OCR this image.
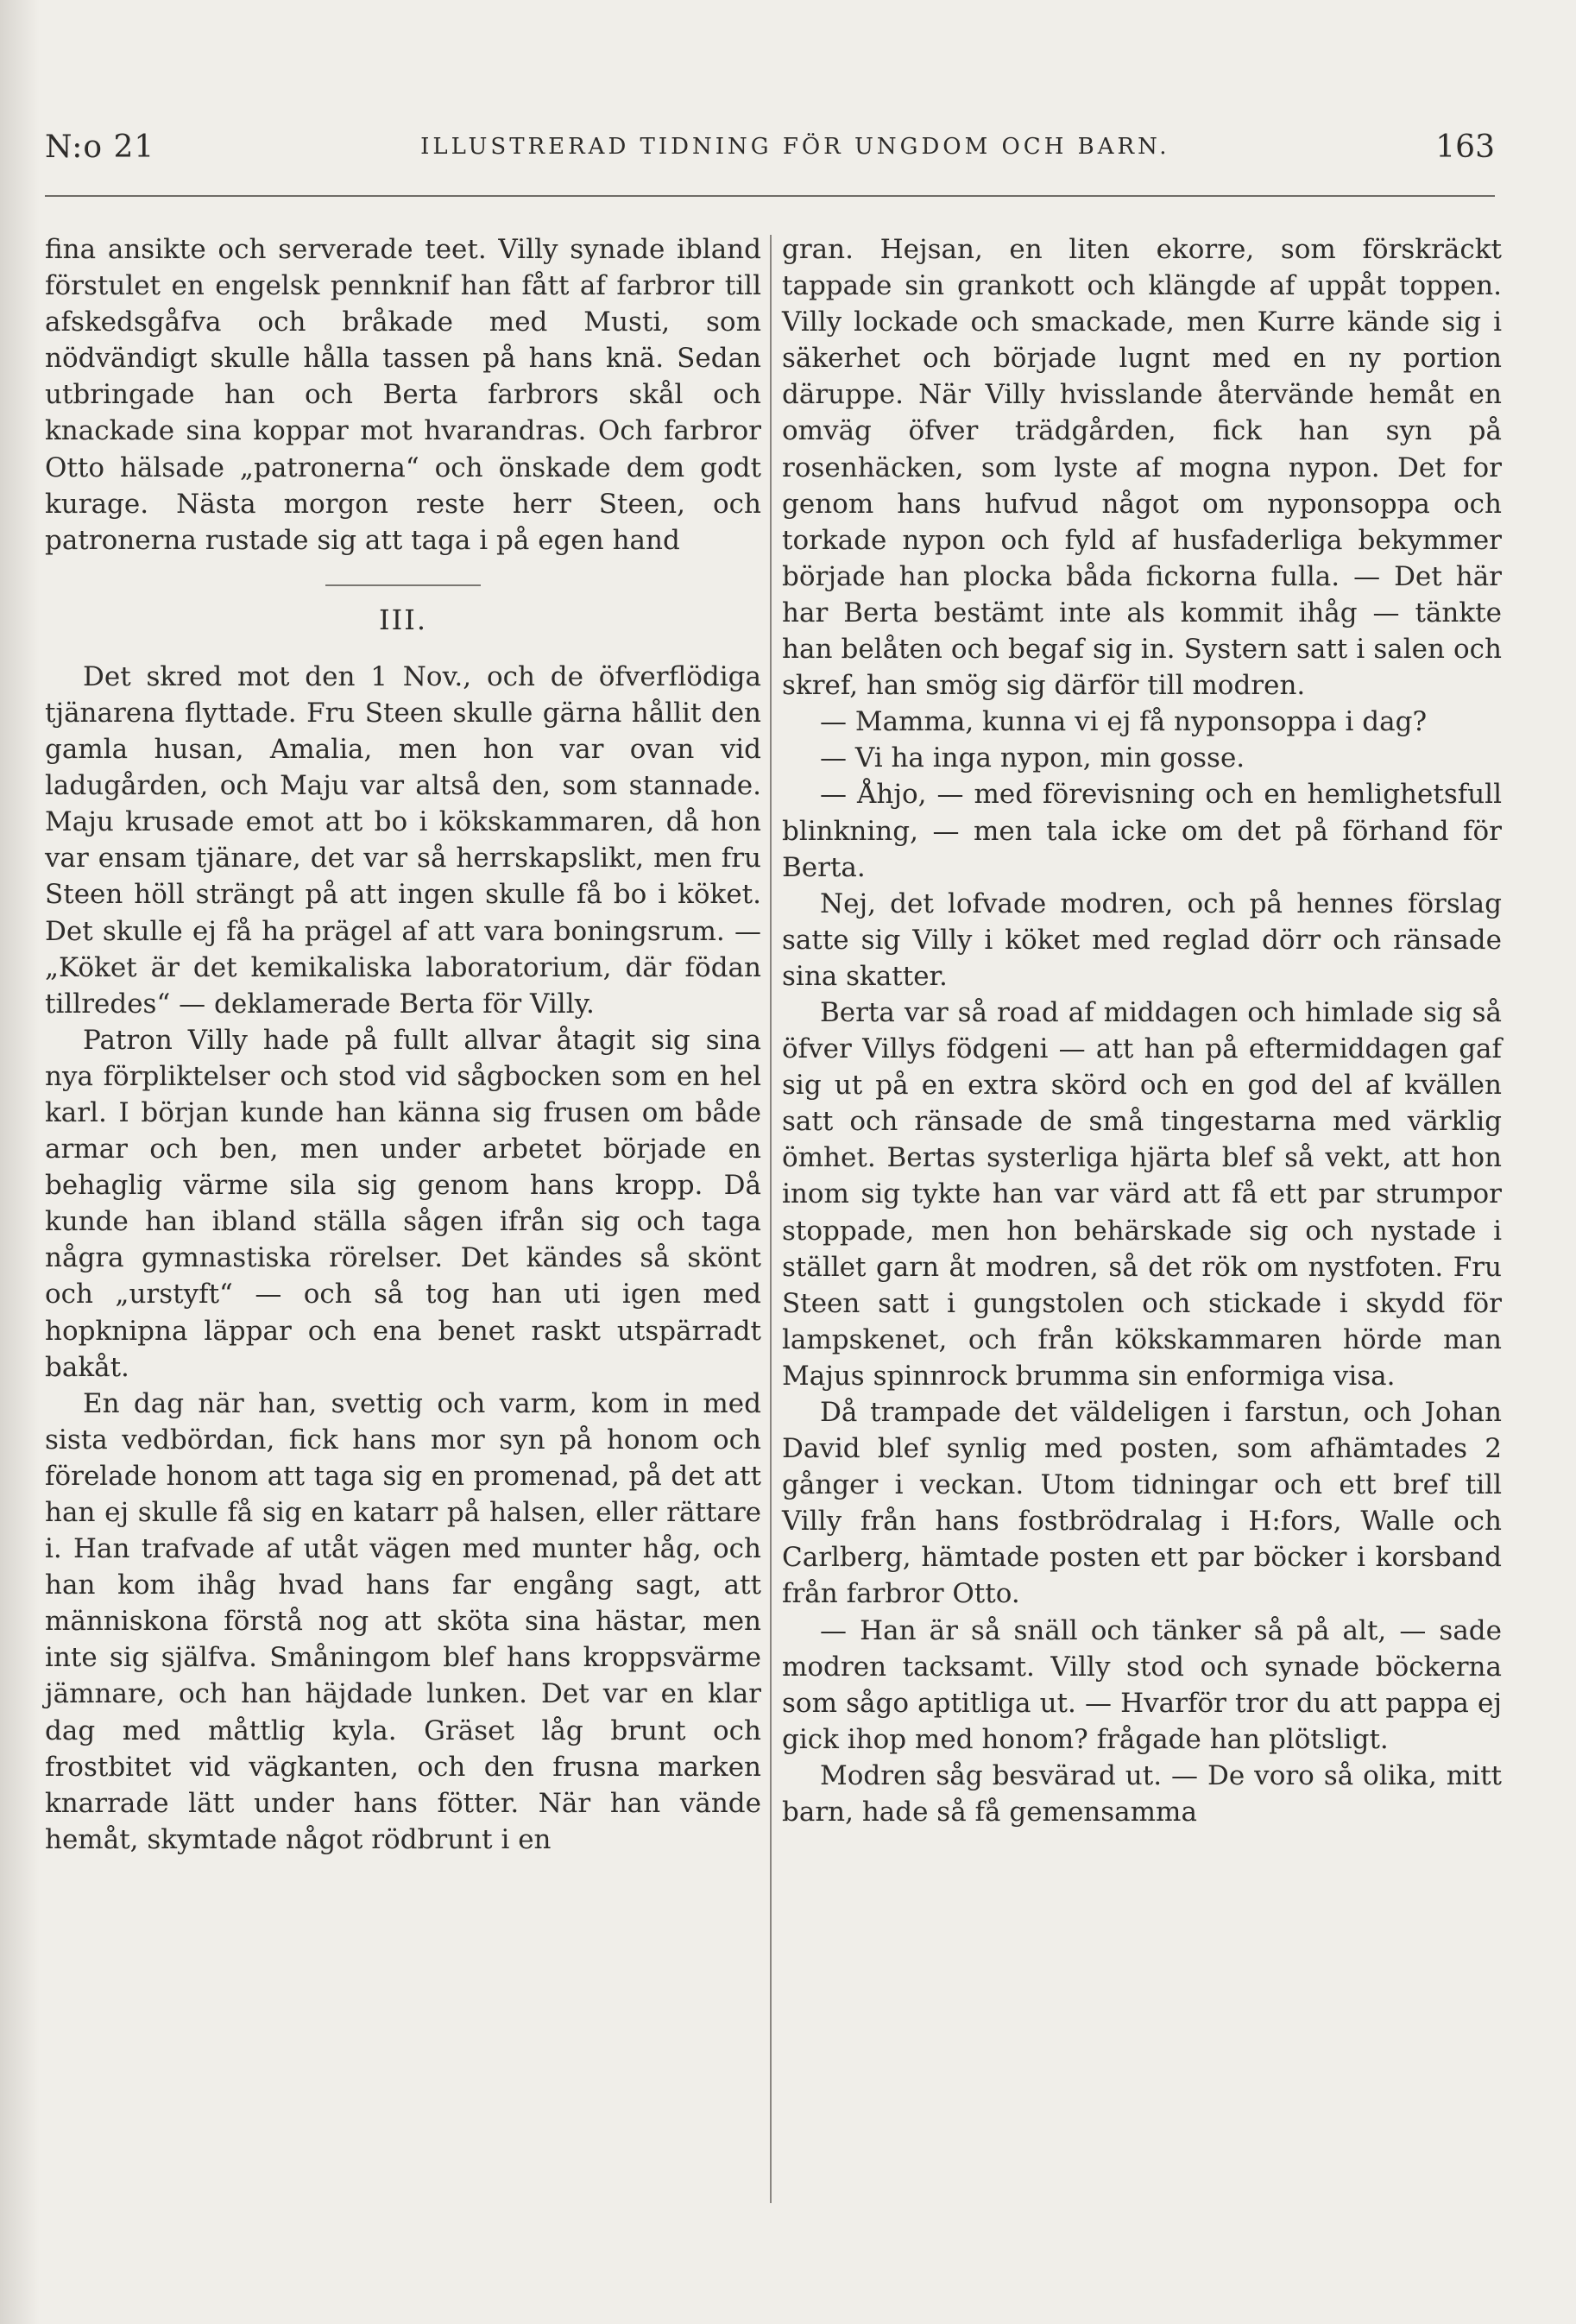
N:o 21	ILLUSTRERAD TIDNING FÖR UNGDOM OCH BARN.	163

fina ansikte och serverade teet. Villy synade ibland förstulet en engelsk pennknif han fått af farbror till afskedsgåfva och bråkade med Musti, som nödvändigt skulle hålla tassen på hans knä. Sedan utbringade han och Berta farbrors skål och knackade sina koppar mot hvarandras. Och farbror Otto hälsade „patronerna“ och önskade dem godt kurage. Nästa morgon reste herr Steen, och patronerna rustade sig att taga i på egen hand

III.

Det skred mot den 1 Nov., och de öfverflödiga tjänarena flyttade. Fru Steen skulle gärna hållit den gamla husan, Amalia, men hon var ovan vid ladugården, och Maju var altså den, som stannade. Maju krusade emot att bo i kökskammaren, då hon var ensam tjänare, det var så herrskapslikt, men fru Steen höll strängt på att ingen skulle få bo i köket. Det skulle ej få ha prägel af att vara boningsrum. — „Köket är det kemikaliska laboratorium, där födan tillredes“ — deklamerade Berta för Villy.

Patron Villy hade på fullt allvar åtagit sig sina nya förpliktelser och stod vid sågbocken som en hel karl. I början kunde han känna sig frusen om både armar och ben, men under arbetet började en behaglig värme sila sig genom hans kropp. Då kunde han ibland ställa sågen ifrån sig och taga några gymnastiska rörelser. Det kändes så skönt och „urstyft“ — och så tog han uti igen med hopknipna läppar och ena benet raskt utspärradt bakåt.

En dag när han, svettig och varm, kom in med sista vedbördan, fick hans mor syn på honom och förelade honom att taga sig en promenad, på det att han ej skulle få sig en katarr på halsen, eller rättare i. Han trafvade af utåt vägen med munter håg, och han kom ihåg hvad hans far engång sagt, att människona förstå nog att sköta sina hästar, men inte sig själfva. Småningom blef hans kroppsvärme jämnare, och han häjdade lunken. Det var en klar dag med måttlig kyla. Gräset låg brunt och frostbitet vid vägkanten, och den frusna marken knarrade lätt under hans fötter. När han vände hemåt, skymtade något rödbrunt i en

gran. Hejsan, en liten ekorre, som förskräckt tappade sin grankott och klängde af uppåt toppen. Villy lockade och smackade, men Kurre kände sig i säkerhet och började lugnt med en ny portion däruppe. När Villy hvisslande återvände hemåt en omväg öfver trädgården, fick han syn på rosenhäcken, som lyste af mogna nypon. Det for genom hans hufvud något om nyponsoppa och torkade nypon och fyld af husfaderliga bekymmer började han plocka båda fickorna fulla. — Det här har Berta bestämt inte als kommit ihåg — tänkte han belåten och begaf sig in. Systern satt i salen och skref, han smög sig därför till modren.

— Mamma, kunna vi ej få nyponsoppa i dag?

— Vi ha inga nypon, min gosse.

— Åhjo, — med förevisning och en hemlighetsfull blinkning, — men tala icke om det på förhand för Berta.

Nej, det lofvade modren, och på hennes förslag satte sig Villy i köket med reglad dörr och ränsade sina skatter.

Berta var så road af middagen och himlade sig så öfver Villys födgeni — att han på eftermiddagen gaf sig ut på en extra skörd och en god del af kvällen satt och ränsade de små tingestarna med värklig ömhet. Bertas systerliga hjärta blef så vekt, att hon inom sig tykte han var värd att få ett par strumpor stoppade, men hon behärskade sig och nystade i stället garn åt modren, så det rök om nystfoten. Fru Steen satt i gungstolen och stickade i skydd för lampskenet, och från kökskammaren hörde man Majus spinnrock brumma sin enformiga visa.

Då trampade det väldeligen i farstun, och Johan David blef synlig med posten, som afhämtades 2 gånger i veckan. Utom tidningar och ett bref till Villy från hans fostbrödralag i H:fors, Walle och Carlberg, hämtade posten ett par böcker i korsband från farbror Otto.

— Han är så snäll och tänker så på alt, — sade modren tacksamt. Villy stod och synade böckerna som sågo aptitliga ut. — Hvarför tror du att pappa ej gick ihop med honom? frågade han plötsligt.

Modren såg besvärad ut. — De voro så olika, mitt barn, hade så få gemensamma
